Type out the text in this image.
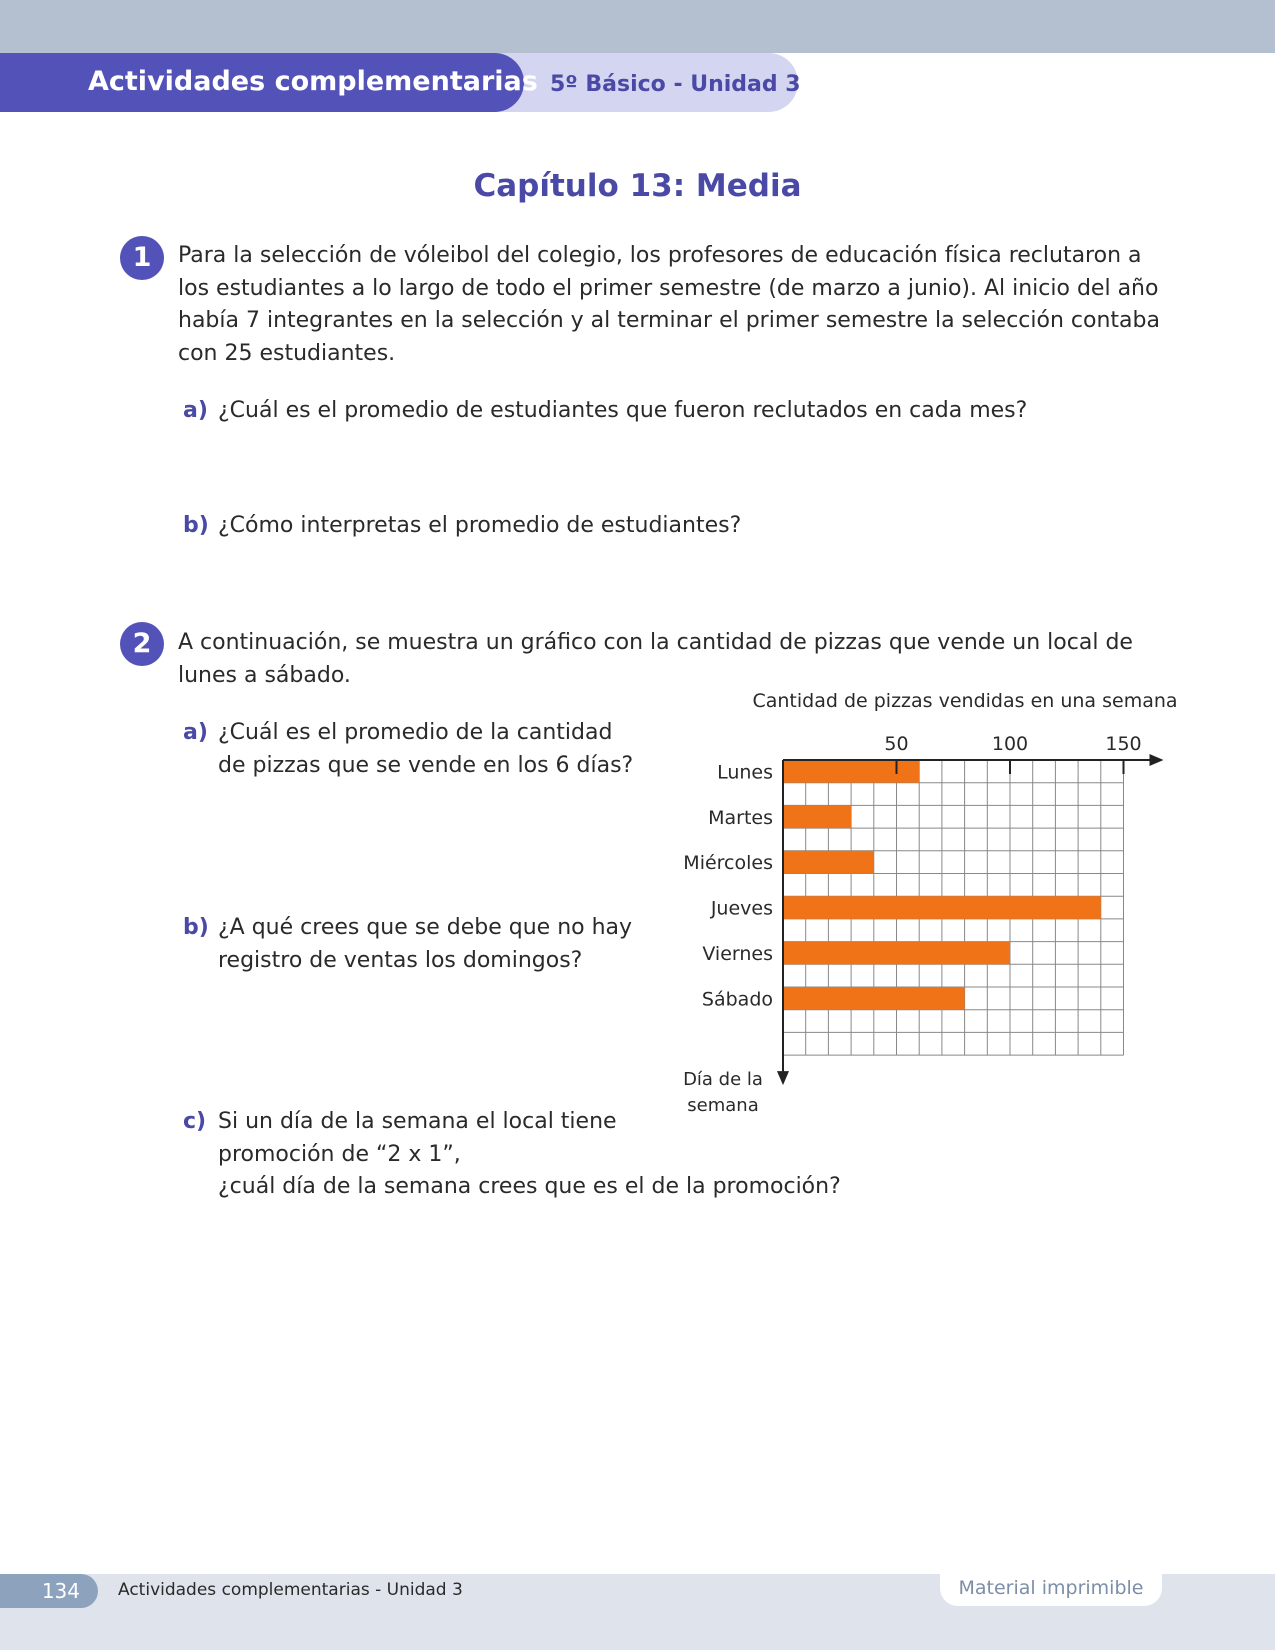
5º Básico - Unidad 3
Actividades complementarias
Capítulo 13: Media
1	Para la selección de vóleibol del colegio, los profesores de educación física reclutaron a
los estudiantes a lo largo de todo el primer semestre (de marzo a junio). Al inicio del año
había 7 integrantes en la selección y al terminar el primer semestre la selección contaba
con 25 estudiantes.
a) ¿Cuál es el promedio de estudiantes que fueron reclutados en cada mes?
b) ¿Cómo interpretas el promedio de estudiantes?
2	A continuación, se muestra un gráfico con la cantidad de pizzas que vende un local de
lunes a sábado.
a) ¿Cuál es el promedio de la cantidad
de pizzas que se vende en los 6 días?
b) ¿A qué crees que se debe que no hay
registro de ventas los domingos?
c) Si un día de la semana el local tiene
promoción de “2 x 1”,
¿cuál día de la semana crees que es el de la promoción?
Cantidad de pizzas vendidas en una semana
Lunes
Martes
Miércoles
Jueves
Viernes
Sábado
50	100	150
Día de la
semana
134	Actividades complementarias - Unidad 3	Material imprimible
